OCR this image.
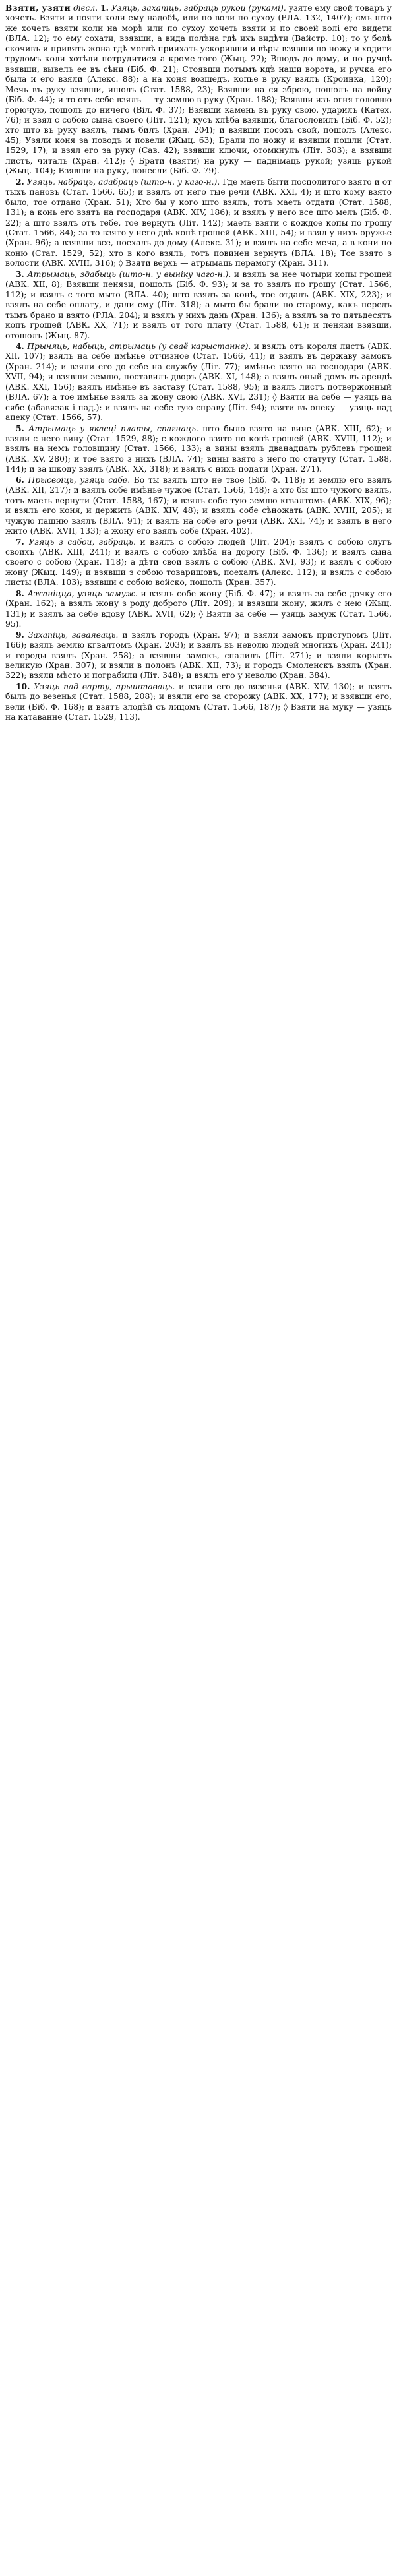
Взяти, узяти дієсл. 1. Узяць, захапіць, забраць рукой (рукамі). узяте ему свой товаръ у хочеть. Взяти и пояти коли ему надобѣ, или по воли по сухоу (РЛА. 132, 1407); ємъ што же хочеть взяти коли на морѣ или по сухоу хочеть взяти и по своей волі его видети (ВЛА. 12); то ему сохати, взявши, а вида полѣна гдѣ ихъ видѣти (Вайстр. 10); то у болѣ скочивъ и привять жона гдѣ моглѣ приихать ускоривши и вѣры взявши по ножу и ходити трудомъ коли хотѣли потрудитися а кроме того (Жыц. 22); Вшодъ до дому, и по ручцѣ взявши, вывелъ ее въ сѣни (Біб. Ф. 21); Стоявши потымъ кдѣ наши ворота, и ручка его была и его взяли (Алекс. 88); а на коня возшедъ, копье в руку взялъ (Кроинка, 120); Мечь въ руку взявши, ишолъ (Стат. 1588, 23); Взявши на ся зброю, пошолъ на войну (Біб. Ф. 44); и то отъ себе взялъ — ту землю в руку (Хран. 188); Взявши изъ огня головню горючую, пошолъ до ничего (Віл. Ф. 37); Взявши камень въ руку свою, ударилъ (Катех. 76); и взял с собою сына своего (Літ. 121); кусъ хлѣба взявши, благословилъ (Біб. Ф. 52); хто што въ руку взялъ, тымъ билъ (Хран. 204); и взявши посохъ свой, пошолъ (Алекс. 45); Узяли коня за поводъ и повели (Жыц. 63); Брали по ножу и взявши пошли (Стат. 1529, 17); и взял его за руку (Сав. 42); взявши ключи, отомкнулъ (Літ. 303); а взявши листъ, читалъ (Хран. 412); ◊ Брати (взяти) на руку — паднімаць рукой; узяць рукой (Жыц. 104); Взявши на руку, понесли (Біб. Ф. 79).

2. Узяць, набраць, адабраць (што-н. у каго-н.). Где маеть быти посполитого взято и от тыхъ пановъ (Стат. 1566, 65); и взялъ от него тые речи (АВК. XXI, 4); и што кому взято было, тое отдано (Хран. 51); Хто бы у кого што взялъ, тотъ маеть отдати (Стат. 1588, 131); а конь его взятъ на господаря (АВК. XIV, 186); и взялъ у него все што мелъ (Біб. Ф. 22); а што взялъ отъ тебе, тое вернуть (Літ. 142); маеть взяти с кождое копы по грошу (Стат. 1566, 84); за то взято у него двѣ копѣ грошей (АВК. XIII, 54); и взял у нихъ оружье (Хран. 96); а взявши все, поехалъ до дому (Алекс. 31); и взялъ на себе меча, а в кони по коню (Стат. 1529, 52); хто в кого взялъ, тотъ повинен вернуть (ВЛА. 18); Тое взято з волости (АВК. XVIII, 316); ◊ Взяти верхъ — атрымаць перамогу (Хран. 311).

3. Атрымаць, здабыць (што-н. у выніку чаго-н.). и взялъ за нее чотыри копы грошей (АВК. XII, 8); Взявши пенязи, пошолъ (Біб. Ф. 93); и за то взялъ по грошу (Стат. 1566, 112); и взялъ с того мыто (ВЛА. 40); што взялъ за конѣ, тое отдалъ (АВК. XIX, 223); и взялъ на себе оплату, и дали ему (Літ. 318); а мыто бы брали по старому, какъ передъ тымъ брано и взято (РЛА. 204); и взялъ у нихъ дань (Хран. 136); а взялъ за то пятьдесятъ копъ грошей (АВК. XX, 71); и взялъ от того плату (Стат. 1588, 61); и пенязи взявши, отошолъ (Жыц. 87).

4. Прыняць, набыць, атрымаць (у сваё карыстанне). и взялъ отъ короля листъ (АВК. XII, 107); взялъ на себе имѣнье отчизное (Стат. 1566, 41); и взялъ въ державу замокъ (Хран. 214); и взяли его до себе на службу (Літ. 77); имѣнье взято на господаря (АВК. XVII, 94); и взявши землю, поставилъ дворъ (АВК. XI, 148); а взялъ оный домъ въ арендѣ (АВК. XXI, 156); взялъ имѣнье въ заставу (Стат. 1588, 95); и взялъ листъ потвержонный (ВЛА. 67); а тое имѣнье взялъ за жону свою (АВК. XVI, 231); ◊ Взяти на себе — узяць на сябе (абавязак і пад.): и взялъ на себе тую справу (Літ. 94); взяти въ опеку — узяць пад апеку (Стат. 1566, 57).

5. Атрымаць у якасці платы, спагнаць. што было взято на вине (АВК. XIII, 62); и взяли с него вину (Стат. 1529, 88); с кождого взято по копѣ грошей (АВК. XVIII, 112); и взялъ на немъ головщину (Стат. 1566, 133); а вины взялъ дванадцать рублевъ грошей (АВК. XV, 280); и тое взято з нихъ (ВЛА. 74); вины взято з него по статуту (Стат. 1588, 144); и за шкоду взялъ (АВК. XX, 318); и взялъ с нихъ подати (Хран. 271).

6. Прысвоіць, узяць сабе. Бо ты взялъ што не твое (Біб. Ф. 118); и землю его взялъ (АВК. XII, 217); и взялъ собе имѣнье чужое (Стат. 1566, 148); а хто бы што чужого взялъ, тотъ маеть вернути (Стат. 1588, 167); и взялъ собе тую землю кгвалтомъ (АВК. XIX, 96); и взялъ его коня, и держить (АВК. XIV, 48); и взялъ собе сѣножать (АВК. XVIII, 205); и чужую пашню взялъ (ВЛА. 91); и взялъ на собе его речи (АВК. XXI, 74); и взялъ в него жито (АВК. XVII, 133); а жону его взялъ собе (Хран. 402).

7. Узяць з сабой, забраць. и взялъ с собою людей (Літ. 204); взялъ с собою слугъ своихъ (АВК. XIII, 241); и взялъ с собою хлѣба на дорогу (Біб. Ф. 136); и взялъ сына своего с собою (Хран. 118); а дѣти свои взялъ с собою (АВК. XVI, 93); и взялъ с собою жону (Жыц. 149); и взявши з собою товаришовъ, поехалъ (Алекс. 112); и взялъ с собою листы (ВЛА. 103); взявши с собою войско, пошолъ (Хран. 357).

8. Ажаніцца, узяць замуж. и взялъ собе жону (Біб. Ф. 47); и взялъ за себе дочку его (Хран. 162); а взялъ жону з роду доброго (Літ. 209); и взявши жону, жилъ с нею (Жыц. 131); и взялъ за себе вдову (АВК. XVII, 62); ◊ Взяти за себе — узяць замуж (Стат. 1566, 95).

9. Захапіць, заваяваць. и взялъ городъ (Хран. 97); и взяли замокъ приступомъ (Літ. 166); взялъ землю кгвалтомъ (Хран. 203); и взялъ въ неволю людей многихъ (Хран. 241); и городы взялъ (Хран. 258); а взявши замокъ, спалилъ (Літ. 271); и взяли корысть великую (Хран. 307); и взяли в полонъ (АВК. XII, 73); и городъ Смоленскъ взялъ (Хран. 322); взяли мѣсто и пограбили (Літ. 348); и взялъ его у неволю (Хран. 384).

10. Узяць пад варту, арыштаваць. и взяли его до вязенья (АВК. XIV, 130); и взятъ былъ до везенья (Стат. 1588, 208); и взяли его за сторожу (АВК. XX, 177); и взявши его, вели (Біб. Ф. 168); и взятъ злодѣй съ лицомъ (Стат. 1566, 187); ◊ Взяти на муку — узяць на катаванне (Стат. 1529, 113).
